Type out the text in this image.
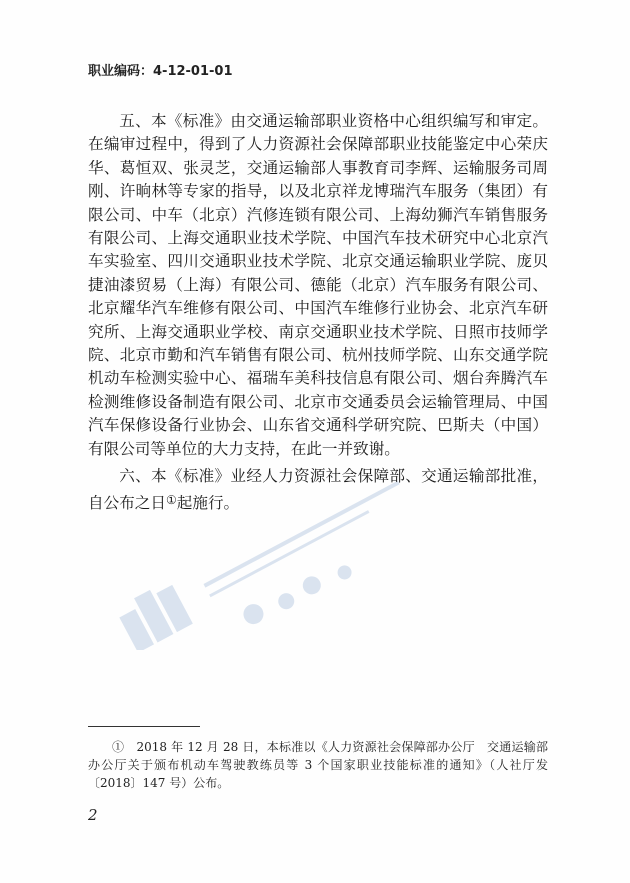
职业编码：4-12-01-01

五、本《标准》由交通运输部职业资格中心组织编写和审定。在编审过程中，得到了人力资源社会保障部职业技能鉴定中心荣庆华、葛恒双、张灵芝，交通运输部人事教育司李辉、运输服务司周刚、许晌林等专家的指导，以及北京祥龙博瑞汽车服务（集团）有限公司、中车（北京）汽修连锁有限公司、上海幼狮汽车销售服务有限公司、上海交通职业技术学院、中国汽车技术研究中心北京汽车实验室、四川交通职业技术学院、北京交通运输职业学院、庞贝捷油漆贸易（上海）有限公司、德能（北京）汽车服务有限公司、北京耀华汽车维修有限公司、中国汽车维修行业协会、北京汽车研究所、上海交通职业学校、南京交通职业技术学院、日照市技师学院、北京市勤和汽车销售有限公司、杭州技师学院、山东交通学院机动车检测实验中心、福瑞车美科技信息有限公司、烟台奔腾汽车检测维修设备制造有限公司、北京市交通委员会运输管理局、中国汽车保修设备行业协会、山东省交通科学研究院、巴斯夫（中国）有限公司等单位的大力支持，在此一并致谢。

六、本《标准》业经人力资源社会保障部、交通运输部批准，自公布之日①起施行。

①　2018 年 12 月 28 日，本标准以《人力资源社会保障部办公厅　交通运输部办公厅关于颁布机动车驾驶教练员等 3 个国家职业技能标准的通知》（人社厅发〔2018〕147 号）公布。
2
